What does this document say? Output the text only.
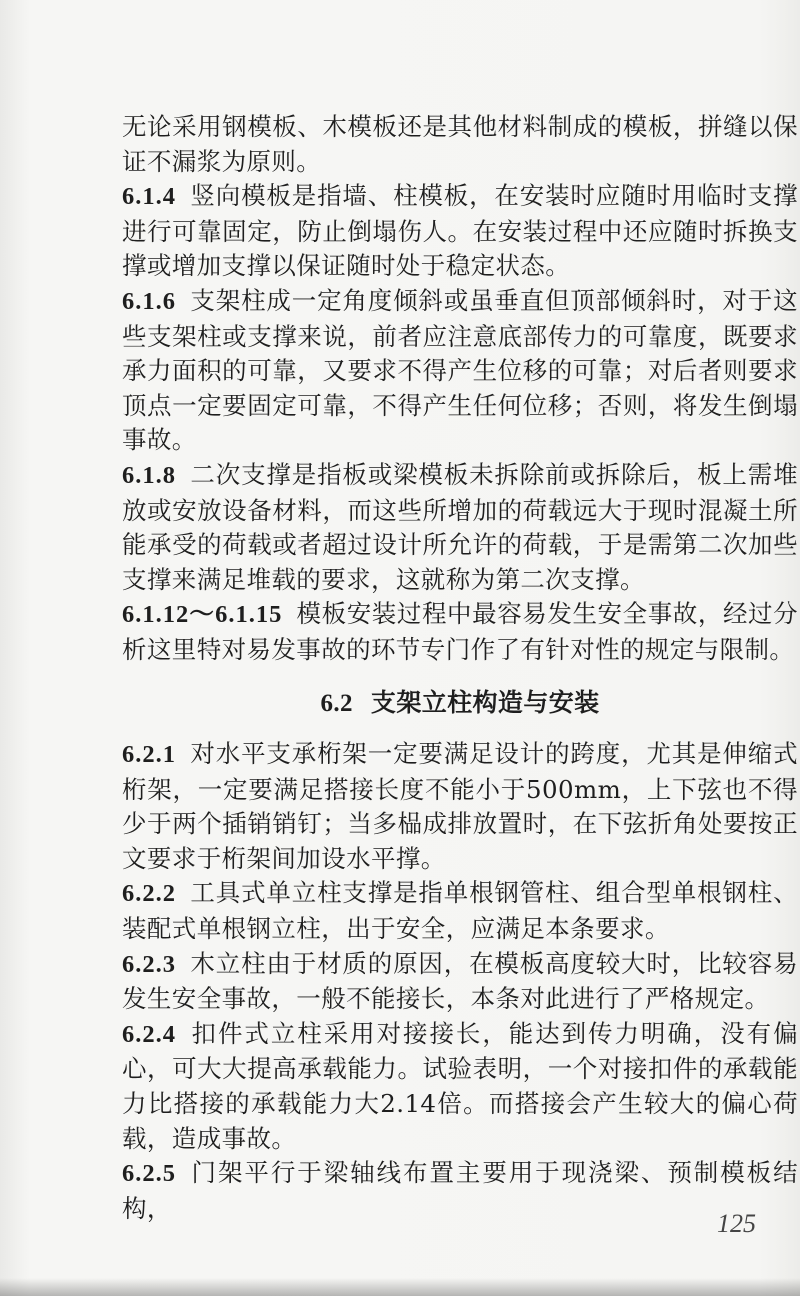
无论采用钢模板、木模板还是其他材料制成的模板，拼缝以保证不漏浆为原则。

6.1.4 竖向模板是指墙、柱模板，在安装时应随时用临时支撑进行可靠固定，防止倒塌伤人。在安装过程中还应随时拆换支撑或增加支撑以保证随时处于稳定状态。

6.1.6 支架柱成一定角度倾斜或虽垂直但顶部倾斜时，对于这些支架柱或支撑来说，前者应注意底部传力的可靠度，既要求承力面积的可靠，又要求不得产生位移的可靠；对后者则要求顶点一定要固定可靠，不得产生任何位移；否则，将发生倒塌事故。

6.1.8 二次支撑是指板或梁模板未拆除前或拆除后，板上需堆放或安放设备材料，而这些所增加的荷载远大于现时混凝土所能承受的荷载或者超过设计所允许的荷载，于是需第二次加些支撑来满足堆载的要求，这就称为第二次支撑。

6.1.12～6.1.15 模板安装过程中最容易发生安全事故，经过分析这里特对易发事故的环节专门作了有针对性的规定与限制。

6.2 支架立柱构造与安装

6.2.1 对水平支承桁架一定要满足设计的跨度，尤其是伸缩式桁架，一定要满足搭接长度不能小于500mm，上下弦也不得少于两个插销销钉；当多榀成排放置时，在下弦折角处要按正文要求于桁架间加设水平撑。

6.2.2 工具式单立柱支撑是指单根钢管柱、组合型单根钢柱、装配式单根钢立柱，出于安全，应满足本条要求。

6.2.3 木立柱由于材质的原因，在模板高度较大时，比较容易发生安全事故，一般不能接长，本条对此进行了严格规定。

6.2.4 扣件式立柱采用对接接长，能达到传力明确，没有偏心，可大大提高承载能力。试验表明，一个对接扣件的承载能力比搭接的承载能力大2.14倍。而搭接会产生较大的偏心荷载，造成事故。

6.2.5 门架平行于梁轴线布置主要用于现浇梁、预制模板结构，

125
